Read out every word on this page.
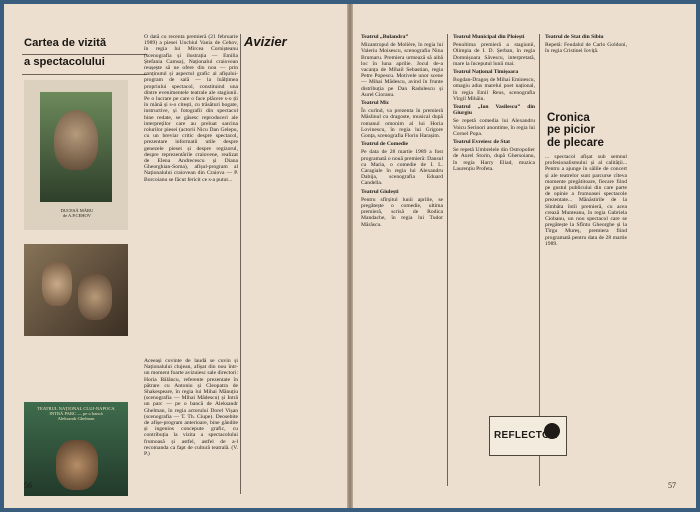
Cartea de vizită
a spectacolului
DUCESĂ MĂRU
de A.P.CEHOV
TEATRUL NAȚIONAL CLUJ-NAPOCA
INTRĂ PARC — pe o bancă
Aleksandr Ghelman
O dată cu recenta premieră (21 februarie 1989) a piesei Unchiul Vania de Cehov, în regia lui Mircea Cornișteanu (scenografia și ilustrația — Emilia Ștefania Camsa), Naționalul craiovean reușește să ne ofere din nou — prin conținutul și aspectul grafic al afișului-program de sală — la înălțimea propriului spectacol, constituind una dintre evenimentele teatrale ale stagiunii. Pe o lucrare pe care o face plăcere s-o ții în mână și s-o citești, cu trăsături bogate, instructive, și fotografii din spectacol bine redate, se găsesc reproduceri ale interpreților care au preluat sarcina rolurilor piesei (actorii Nicu Dan Gelepu, cu un breviar critic despre spectacol, prezentare informatii utile despre genezele piesei și despre regizorul, despre reprezentările craiovene, realizat de Elena Andrecescu și Diana Gheorghian-Soma), afișul-program al Naționalului craiovean din Craiova — P. Borcoianu se făcut fericit ce s-a putut...
Aceeași cuvinte de laudă se cuvin și Naționalului clujean, afișat din nou într-un moment foarte avizuiesc sale directori: Horia Bălăncu, referente prezentate în pătrare cu Antoniu și Cleopatra de Shakespeare, în regia lui Mihai Mănuțiu (scenografia — Mihai Mădescu) și Intră un parc — pe o bancă de Aleksandr Ghelman, în regia actorului Dorel Vișan (scenografia — T. Th. Ciupe). Deosebite de afișe-program anterioare, bine gândite și ingenios concepute grafic, cu contribuția la vizita a spectacolului frumoasă și astfel, astfel de a-l recomanda ca fapt de cultură teatrală. (V. P.)
56
Avizier	Teatrul „Bulandra”

Mizantropul de Molière, în regia lui Valeriu Moisescu, scenografia Nina Brumaru. Premiera urmează să aibă loc în luna aprilie. Jocul de-a vacanța de Mihail Sebastian, regia Petre Popescu. Motivele unor scene — Mihai Mădescu, avind în frunte distribuția pe Dan Radulescu și Aurel Cioranu.

Teatrul Mic

În curînd, va prezenta în premieră Măslinul cu dragoste, musical după romanul omonim al lui Horia Lovinescu, în regia lui Grigore Gonța, scenografia Florin Harașim.

Teatrul de Comedie

Pe data de 28 martie 1989 a fost programată o nouă premieră: Dansul cu Maria, o comedie de I. L. Caragiale în regia lui Alexandru Dabija, scenografia Eduard Candella.

Teatrul Giulești

Pentru sfîrșitul lunii aprilie, se pregătește o comedie, ultima premieră, scrisă de Rodica Mandache, în regia lui Tudor Mărăscu.

Teatrul Municipal din Ploiești

Penultima premieră a stagiunii, Olimpia de I. D. Șerban, în regia Domnișoara Săvescu, interpretată, mare la începutul lunii mai.

Teatrul Național Timișoara

Bogdan-Dragoș de Mihai Eminescu, omagiu adus marelui poet național, în regia Emil Reus, scenografia Virgil Mihăiu.

Teatrul „Ion Vasilescu” din Giurgiu

Se repetă comedia lui Alexandru Voicu Serinori anontime, în regia lui Cornel Popa.

Teatrul Evreiesc de Stat

Se repetă Umbrelele din Ostropolier de Aurel Storin, după Ghersoianu, în regia Harry Eliad, muzica Laurențiu Profeta.

Teatrul de Stat din Sibiu

Repetă: Feudalul de Carlo Goldoni, în regia Cristinei Ioviță.

Cronica
pe picior
de plecare
... spectacol afișat sub semnul profesionalismului și al calității... Pentru a ajunge în sălile de concert și ale teatrelor sunt parcurse cîteva momente pregătitoare, fiecare fiind pe gustul publicului din care parte de opinie a frumoasei spectacole prezentate... Mănăstirile de la Sîmbăta întîi premieră, cu acea crează Munteanu, în regia Gabriela Ciobanu, un nou spectacol care se pregătește la Sfîntu Gheorghe și la Tîrgu Mureș, premiera fiind programată pentru data de 28 martie 1989.
REFLECTOR
57
